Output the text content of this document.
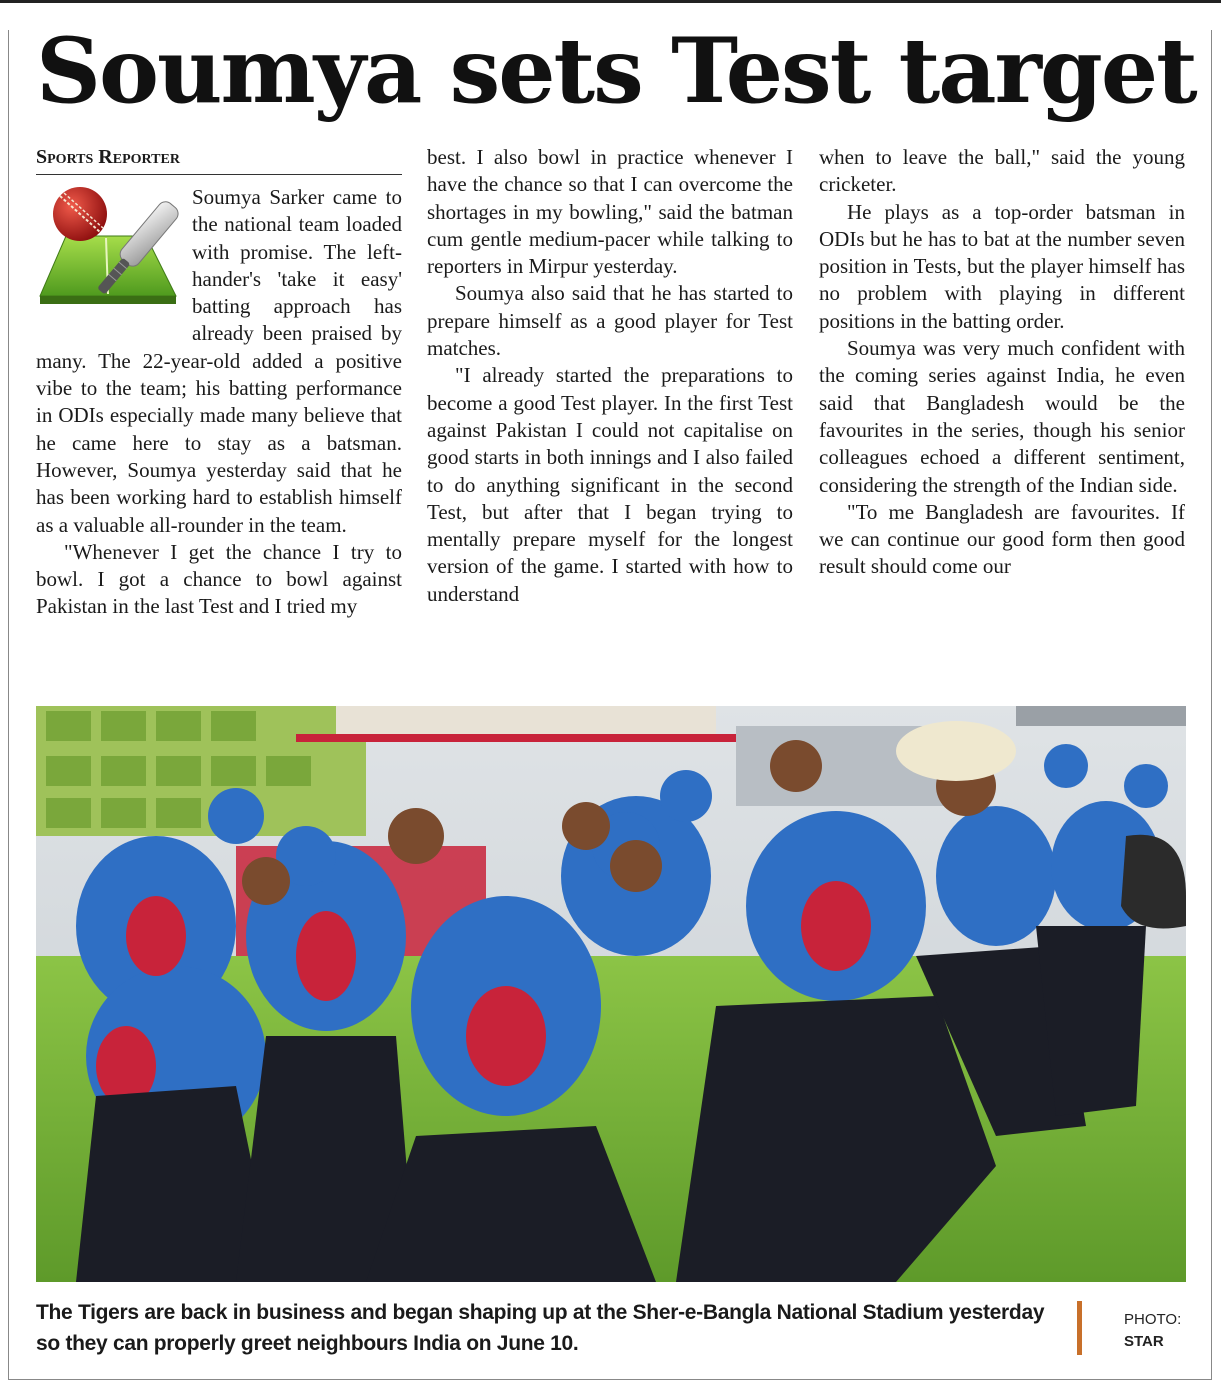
Soumya sets Test target
Sports Reporter

Soumya Sarker came to the national team loaded with promise. The left-hander's 'take it easy' batting approach has already been praised by many. The 22-year-old added a positive vibe to the team; his batting performance in ODIs especially made many believe that he came here to stay as a batsman. However, Soumya yesterday said that he has been working hard to establish himself as a valuable all-rounder in the team.

"Whenever I get the chance I try to bowl. I got a chance to bowl against Pakistan in the last Test and I tried my

best. I also bowl in practice whenever I have the chance so that I can overcome the shortages in my bowling," said the batman cum gentle medium-pacer while talking to reporters in Mirpur yesterday.

Soumya also said that he has started to prepare himself as a good player for Test matches.

"I already started the preparations to become a good Test player. In the first Test against Pakistan I could not capitalise on good starts in both innings and I also failed to do anything significant in the second Test, but after that I began trying to mentally prepare myself for the longest version of the game. I started with how to understand

when to leave the ball," said the young cricketer.

He plays as a top-order batsman in ODIs but he has to bat at the number seven position in Tests, but the player himself has no problem with playing in different positions in the batting order.

Soumya was very much confident with the coming series against India, he even said that Bangladesh would be the favourites in the series, though his senior colleagues echoed a different sentiment, considering the strength of the Indian side.

"To me Bangladesh are favourites. If we can continue our good form then good result should come our

The Tigers are back in business and began shaping up at the Sher-e-Bangla National Stadium yesterday so they can properly greet neighbours India on June 10.
PHOTO:
STAR
